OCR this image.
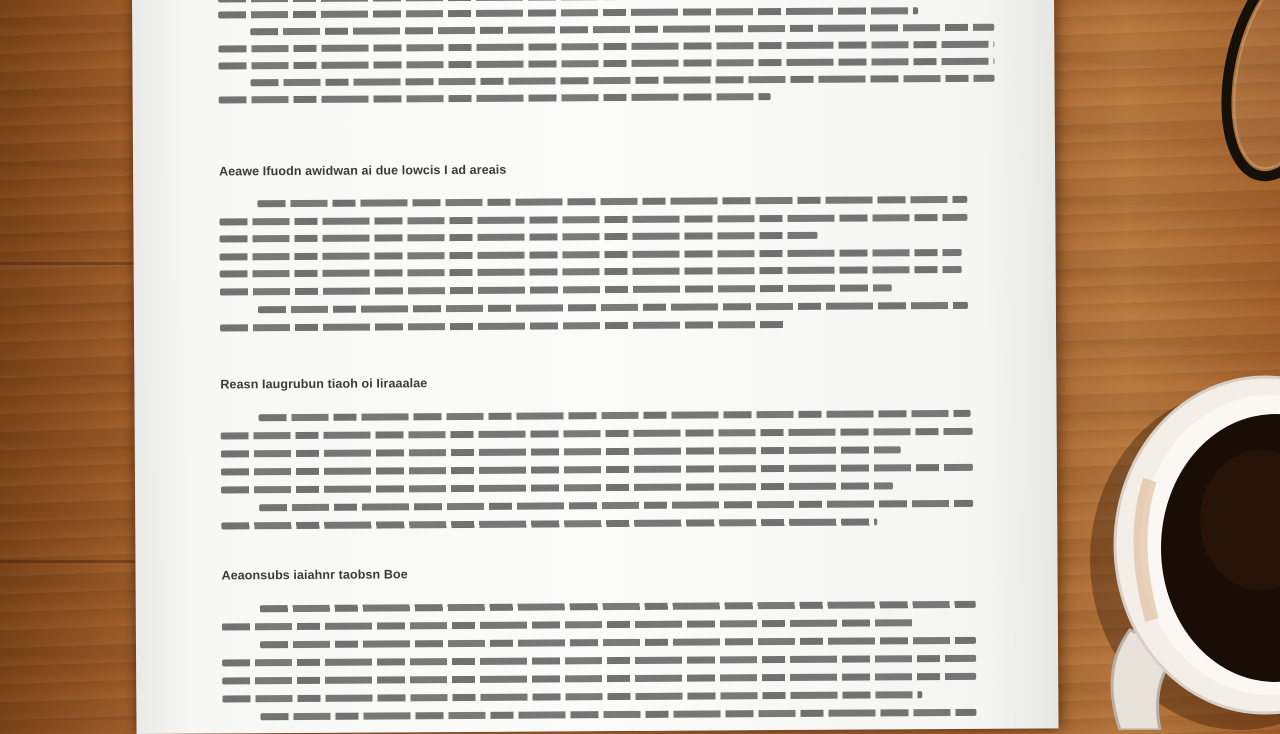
Aeawe Ifuodn awidwan ai due lowcis I ad areais
Reasn Iaugrubun tiaoh oi Iiraaalae
Aeaonsubs iaiahnr taobsn Boe
